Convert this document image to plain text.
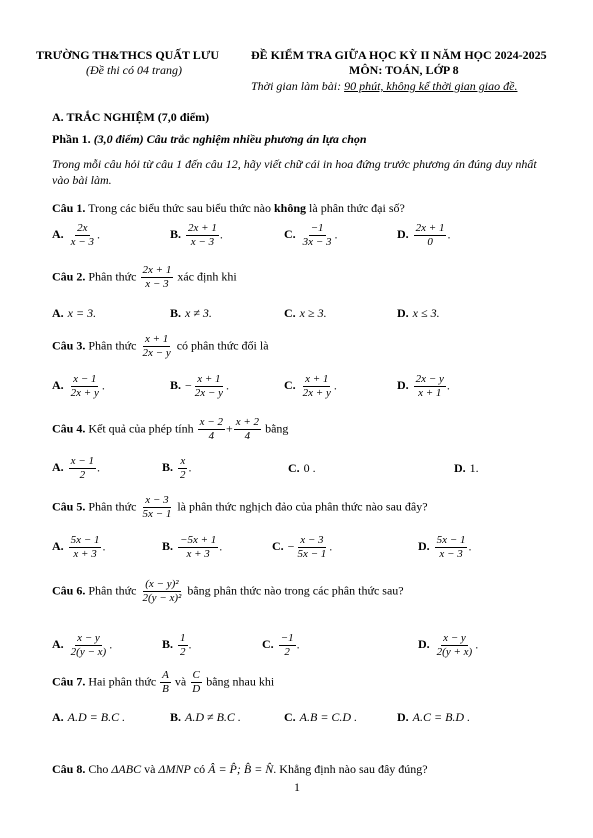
TRƯỜNG TH&THCS QUẤT LƯU
(Đề thi có 04 trang)
ĐỀ KIỂM TRA GIỮA HỌC KỲ II NĂM HỌC 2024-2025
MÔN: TOÁN, LỚP 8
Thời gian làm bài: 90 phút, không kể thời gian giao đề.
A. TRẮC NGHIỆM (7,0 điểm)
Phần 1. (3,0 điểm) Câu trắc nghiệm nhiều phương án lựa chọn
Trong mỗi câu hỏi từ câu 1 đến câu 12, hãy viết chữ cái in hoa đứng trước phương án đúng duy nhất vào bài làm.
Câu 1. Trong các biểu thức sau biểu thức nào không là phân thức đại số?
A. $\frac{2x}{x - 3}$ .	B. $\frac{2x + 1}{x - 3}$ .	C. $\frac{-1}{3x - 3}$ .	D. $\frac{2x + 1}{0}$ .
Câu 2. Phân thức $\frac{2x + 1}{x - 3}$ xác định khi
A. x = 3.	B. x ≠ 3.	C. x ≥ 3.	D. x ≤ 3.
Câu 3. Phân thức $\frac{x + 1}{2x - y}$ có phân thức đối là
A. $\frac{x - 1}{2x + y}$ .	B. − $\frac{x + 1}{2x - y}$ .	C. $\frac{x + 1}{2x + y}$ .	D. $\frac{2x - y}{x + 1}$ .
Câu 4. Kết quả của phép tính $\frac{x - 2}{4} + \frac{x + 2}{4}$ bằng
A. $\frac{x - 1}{2}$ .	B. $\frac{x}{2}$ .	C. 0 .	D. 1.
Câu 5. Phân thức $\frac{x - 3}{5x - 1}$ là phân thức nghịch đảo của phân thức nào sau đây?
A. $\frac{5x - 1}{x + 3}$ .	B. $\frac{-5x + 1}{x + 3}$ .	C. − $\frac{x - 3}{5x - 1}$ .	D. $\frac{5x - 1}{x - 3}$ .
Câu 6. Phân thức $\frac{\text{(x − y)²}}{\text{2(y − x)²}}$ bằng phân thức nào trong các phân thức sau?
A. $\frac{x - y}{2(y - x)}$ .	B. $\frac{1}{2}$ .	C. $\frac{-1}{2}$ .	D. $\frac{x - y}{2(y + x)}$ .
Câu 7. Hai phân thức $\frac{A}{B}$ và $\frac{C}{D}$ bằng nhau khi
A. A.D = B.C .	B. A.D ≠ B.C .	C. A.B = C.D .	D. A.C = B.D .
Câu 8. Cho ΔABC và ΔMNP có Â = P̂; B̂ = N̂. Khẳng định nào sau đây đúng?
1
